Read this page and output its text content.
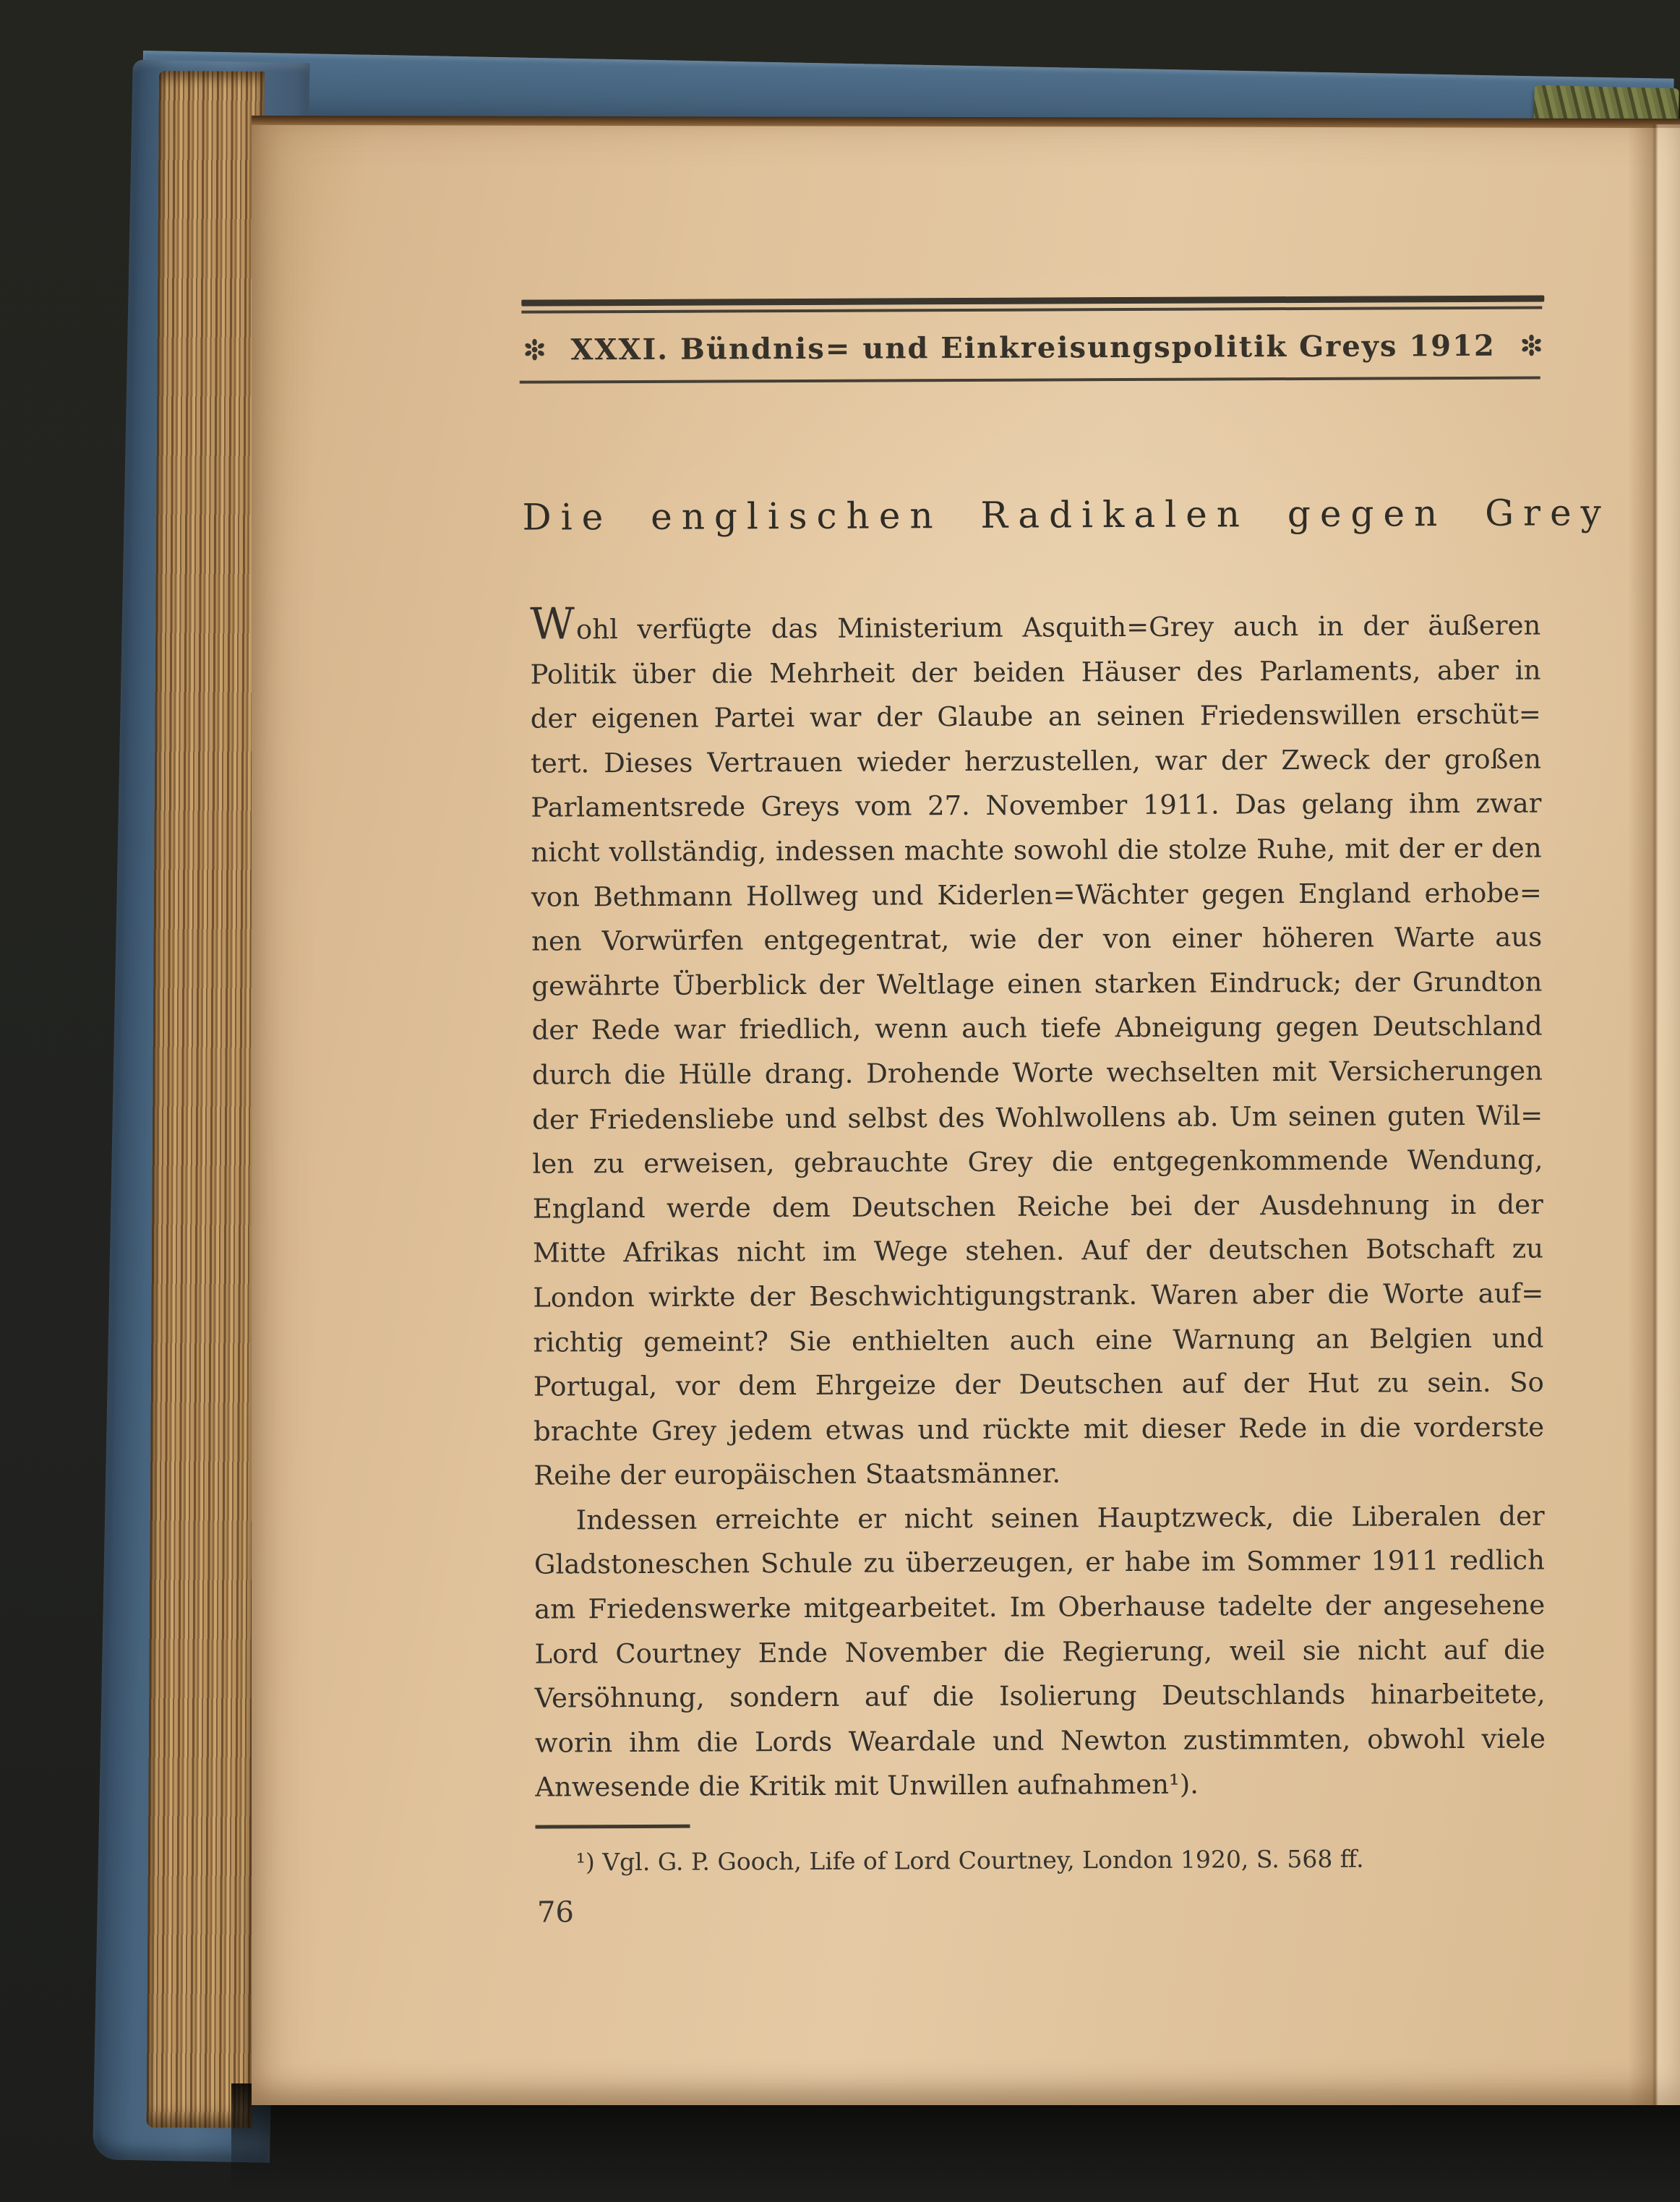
XXXI. Bündnis= und Einkreisungspolitik Greys 1912
Die englischen Radikalen gegen Grey
Wohl verfügte das Ministerium Asquith=Grey auch in der äußeren
Politik über die Mehrheit der beiden Häuser des Parlaments, aber in
der eigenen Partei war der Glaube an seinen Friedenswillen erschüt=
tert. Dieses Vertrauen wieder herzustellen, war der Zweck der großen
Parlamentsrede Greys vom 27. November 1911. Das gelang ihm zwar
nicht vollständig, indessen machte sowohl die stolze Ruhe, mit der er den
von Bethmann Hollweg und Kiderlen=Wächter gegen England erhobe=
nen Vorwürfen entgegentrat, wie der von einer höheren Warte aus
gewährte Überblick der Weltlage einen starken Eindruck; der Grundton
der Rede war friedlich, wenn auch tiefe Abneigung gegen Deutschland
durch die Hülle drang. Drohende Worte wechselten mit Versicherungen
der Friedensliebe und selbst des Wohlwollens ab. Um seinen guten Wil=
len zu erweisen, gebrauchte Grey die entgegenkommende Wendung,
England werde dem Deutschen Reiche bei der Ausdehnung in der
Mitte Afrikas nicht im Wege stehen. Auf der deutschen Botschaft zu
London wirkte der Beschwichtigungstrank. Waren aber die Worte auf=
richtig gemeint? Sie enthielten auch eine Warnung an Belgien und
Portugal, vor dem Ehrgeize der Deutschen auf der Hut zu sein. So
brachte Grey jedem etwas und rückte mit dieser Rede in die vorderste
Reihe der europäischen Staatsmänner.
Indessen erreichte er nicht seinen Hauptzweck, die Liberalen der
Gladstoneschen Schule zu überzeugen, er habe im Sommer 1911 redlich
am Friedenswerke mitgearbeitet. Im Oberhause tadelte der angesehene
Lord Courtney Ende November die Regierung, weil sie nicht auf die
Versöhnung, sondern auf die Isolierung Deutschlands hinarbeitete,
worin ihm die Lords Weardale und Newton zustimmten, obwohl viele
Anwesende die Kritik mit Unwillen aufnahmen¹).
¹) Vgl. G. P. Gooch, Life of Lord Courtney, London 1920, S. 568 ff.
76
